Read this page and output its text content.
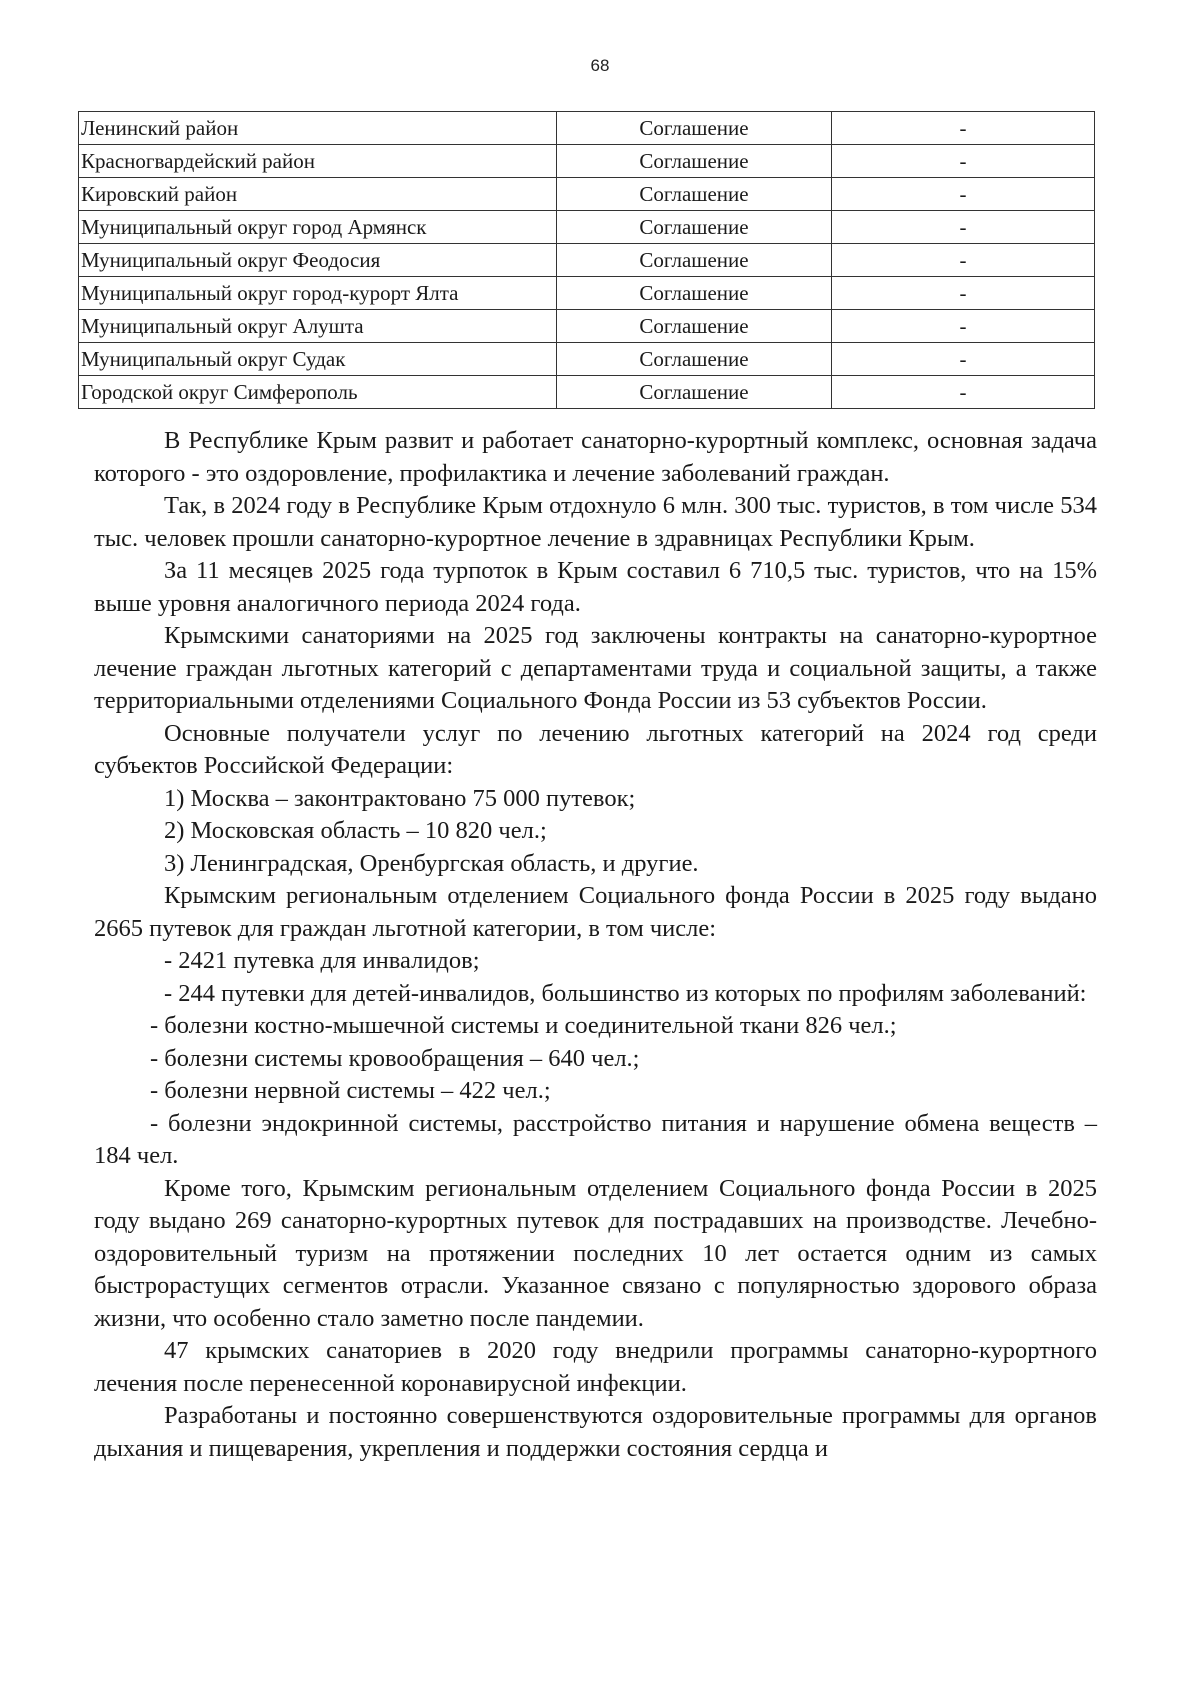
68
Ленинский район	Соглашение	-
Красногвардейский район	Соглашение	-
Кировский район	Соглашение	-
Муниципальный округ город Армянск	Соглашение	-
Муниципальный округ Феодосия	Соглашение	-
Муниципальный округ город-курорт Ялта	Соглашение	-
Муниципальный округ Алушта	Соглашение	-
Муниципальный округ Судак	Соглашение	-
Городской округ Симферополь	Соглашение	-

В Республике Крым развит и работает санаторно-курортный комплекс, основная задача которого - это оздоровление, профилактика и лечение заболеваний граждан.

Так, в 2024 году в Республике Крым отдохнуло 6 млн. 300 тыс. туристов, в том числе 534 тыс. человек прошли санаторно-курортное лечение в здравницах Республики Крым.

За 11 месяцев 2025 года турпоток в Крым составил 6 710,5 тыс. туристов, что на 15% выше уровня аналогичного периода 2024 года.

Крымскими санаториями на 2025 год заключены контракты на санаторно-курортное лечение граждан льготных категорий с департаментами труда и социальной защиты, а также территориальными отделениями Социального Фонда России из 53 субъектов России.

Основные получатели услуг по лечению льготных категорий на 2024 год среди субъектов Российской Федерации:

1) Москва – законтрактовано 75 000 путевок;

2) Московская область – 10 820 чел.;

3) Ленинградская, Оренбургская область, и другие.

Крымским региональным отделением Социального фонда России в 2025 году выдано 2665 путевок для граждан льготной категории, в том числе:

- 2421 путевка для инвалидов;

- 244 путевки для детей-инвалидов, большинство из которых по профилям заболеваний:

- болезни костно-мышечной системы и соединительной ткани 826 чел.;

- болезни системы кровообращения – 640 чел.;

- болезни нервной системы – 422 чел.;

- болезни эндокринной системы, расстройство питания и нарушение обмена веществ – 184 чел.

Кроме того, Крымским региональным отделением Социального фонда России в 2025 году выдано 269 санаторно-курортных путевок для пострадавших на производстве. Лечебно-оздоровительный туризм на протяжении последних 10 лет остается одним из самых быстрорастущих сегментов отрасли. Указанное связано с популярностью здорового образа жизни, что особенно стало заметно после пандемии.

47 крымских санаториев в 2020 году внедрили программы санаторно-курортного лечения после перенесенной коронавирусной инфекции.

Разработаны и постоянно совершенствуются оздоровительные программы для органов дыхания и пищеварения, укрепления и поддержки состояния сердца и
